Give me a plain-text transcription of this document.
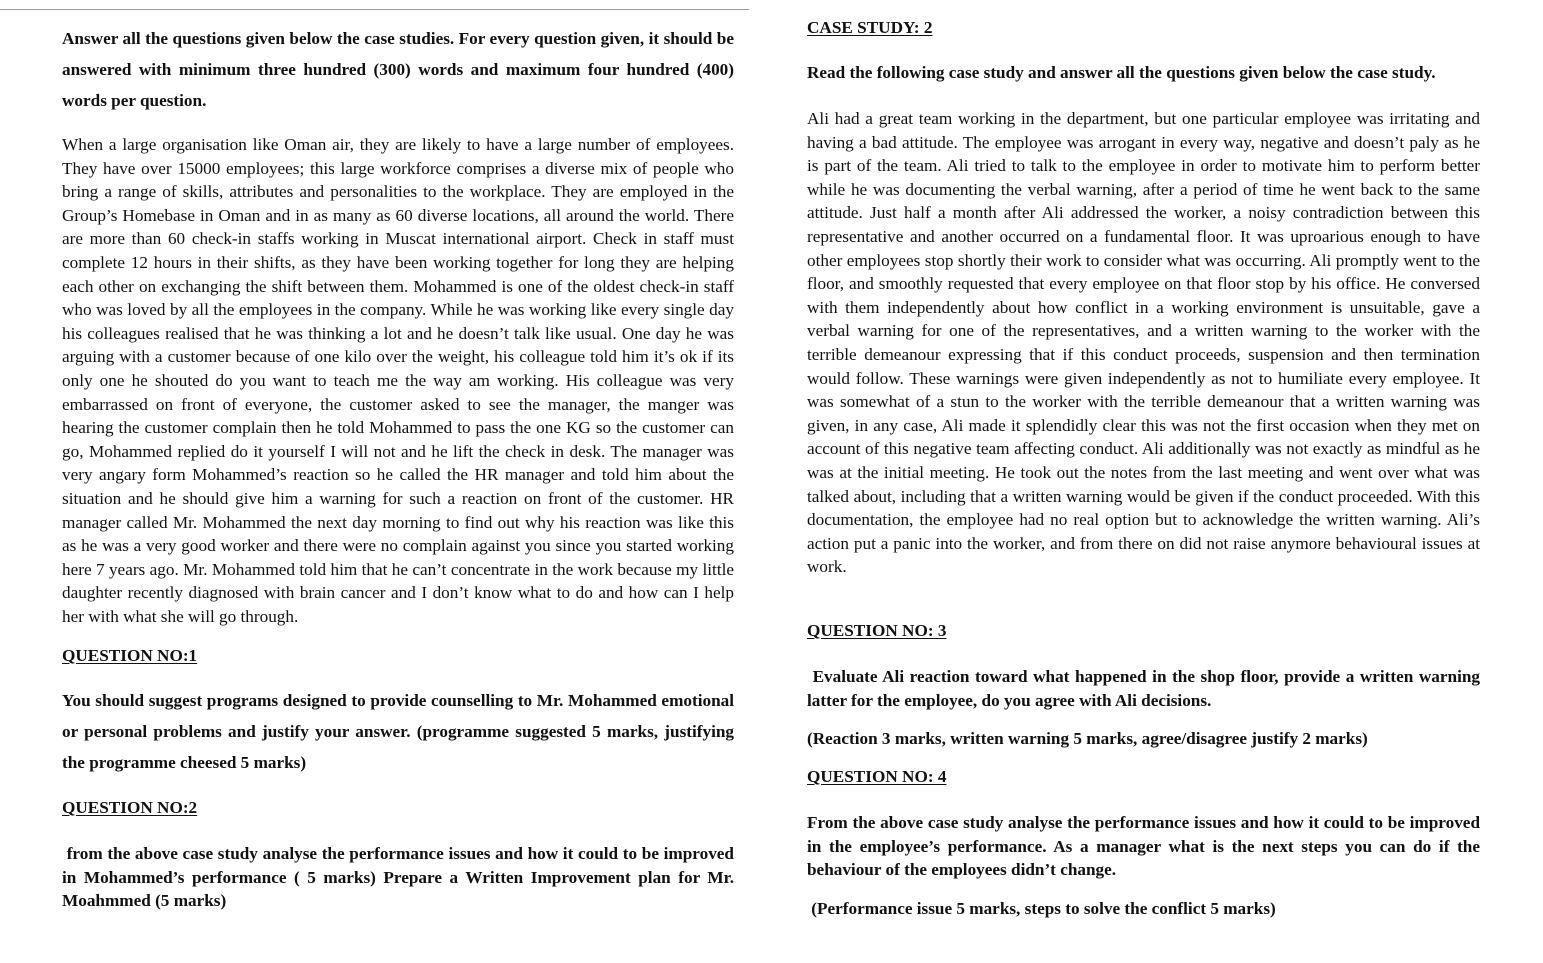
Answer all the questions given below the case studies. For every question given, it should be answered with minimum three hundred (300) words and maximum four hundred (400) words per question.

When a large organisation like Oman air, they are likely to have a large number of employees. They have over 15000 employees; this large workforce comprises a diverse mix of people who bring a range of skills, attributes and personalities to the workplace. They are employed in the Group’s Homebase in Oman and in as many as 60 diverse locations, all around the world. There are more than 60 check-in staffs working in Muscat international airport. Check in staff must complete 12 hours in their shifts, as they have been working together for long they are helping each other on exchanging the shift between them. Mohammed is one of the oldest check-in staff who was loved by all the employees in the company. While he was working like every single day his colleagues realised that he was thinking a lot and he doesn’t talk like usual. One day he was arguing with a customer because of one kilo over the weight, his colleague told him it’s ok if its only one he shouted do you want to teach me the way am working. His colleague was very embarrassed on front of everyone, the customer asked to see the manager, the manger was hearing the customer complain then he told Mohammed to pass the one KG so the customer can go, Mohammed replied do it yourself I will not and he lift the check in desk. The manager was very angary form Mohammed’s reaction so he called the HR manager and told him about the situation and he should give him a warning for such a reaction on front of the customer. HR manager called Mr. Mohammed the next day morning to find out why his reaction was like this as he was a very good worker and there were no complain against you since you started working here 7 years ago. Mr. Mohammed told him that he can’t concentrate in the work because my little daughter recently diagnosed with brain cancer and I don’t know what to do and how can I help her with what she will go through.

QUESTION NO:1

You should suggest programs designed to provide counselling to Mr. Mohammed emotional or personal problems and justify your answer. (programme suggested 5 marks, justifying the programme cheesed 5 marks)

QUESTION NO:2

from the above case study analyse the performance issues and how it could to be improved in Mohammed’s performance ( 5 marks) Prepare a Written Improvement plan for Mr. Moahmmed (5 marks)

CASE STUDY: 2

Read the following case study and answer all the questions given below the case study.

Ali had a great team working in the department, but one particular employee was irritating and having a bad attitude. The employee was arrogant in every way, negative and doesn’t paly as he is part of the team. Ali tried to talk to the employee in order to motivate him to perform better while he was documenting the verbal warning, after a period of time he went back to the same attitude. Just half a month after Ali addressed the worker, a noisy contradiction between this representative and another occurred on a fundamental floor. It was uproarious enough to have other employees stop shortly their work to consider what was occurring. Ali promptly went to the floor, and smoothly requested that every employee on that floor stop by his office. He conversed with them independently about how conflict in a working environment is unsuitable, gave a verbal warning for one of the representatives, and a written warning to the worker with the terrible demeanour expressing that if this conduct proceeds, suspension and then termination would follow. These warnings were given independently as not to humiliate every employee. It was somewhat of a stun to the worker with the terrible demeanour that a written warning was given, in any case, Ali made it splendidly clear this was not the first occasion when they met on account of this negative team affecting conduct. Ali additionally was not exactly as mindful as he was at the initial meeting. He took out the notes from the last meeting and went over what was talked about, including that a written warning would be given if the conduct proceeded. With this documentation, the employee had no real option but to acknowledge the written warning. Ali’s action put a panic into the worker, and from there on did not raise anymore behavioural issues at work.

QUESTION NO: 3

Evaluate Ali reaction toward what happened in the shop floor, provide a written warning latter for the employee, do you agree with Ali decisions.

(Reaction 3 marks, written warning 5 marks, agree/disagree justify 2 marks)

QUESTION NO: 4

From the above case study analyse the performance issues and how it could to be improved in the employee’s performance. As a manager what is the next steps you can do if the behaviour of the employees didn’t change.

(Performance issue 5 marks, steps to solve the conflict 5 marks)
